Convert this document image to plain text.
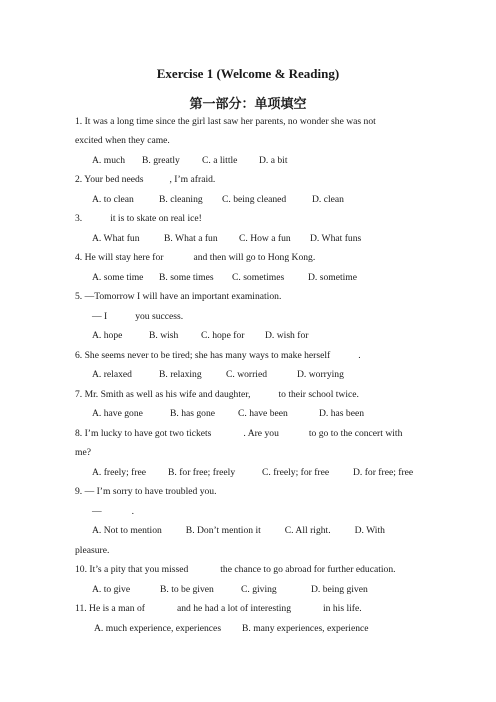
Exercise 1 (Welcome & Reading)
第一部分：单项填空
1. It was a long time since the girl last saw her parents, no wonder she was not
excited when they came.
A. much B. greatly C. a little D. a bit
2. Your bed needs	, I’m afraid.
A. to clean	B. cleaning C. being cleaned	D. clean
3.	it is to skate on real ice!
A. What fun	B. What a fun C. How a fun D. What funs
4. He will stay here for	and then will go to Hong Kong.
A. some time B. some times C. sometimes D. sometime
5. —Tomorrow I will have an important examination.
— I	you success.
A. hope	B. wish C. hope for D. wish for
6. She seems never to be tired; she has many ways to make herself	.
A. relaxed	B. relaxing	C. worried	D. worrying
7. Mr. Smith as well as his wife and daughter,	to their school twice.
A. have gone	B. has gone C. have been	D. has been
8. I’m lucky to have got two tickets	. Are you	to go to the concert with
me?
A. freely; free B. for free; freely	C. freely; for free D. for free; free
9. — I’m sorry to have troubled you.
—	.
A. Not to mention          B. Don’t mention it          C. All right.          D. With
pleasure.
10. It’s a pity that you missed	the chance to go abroad for further education.
A. to give	B. to be given	C. giving	D. being given
11. He is a man of	and he had a lot of interesting	in his life.
A. much experience, experiences B. many experiences, experience
